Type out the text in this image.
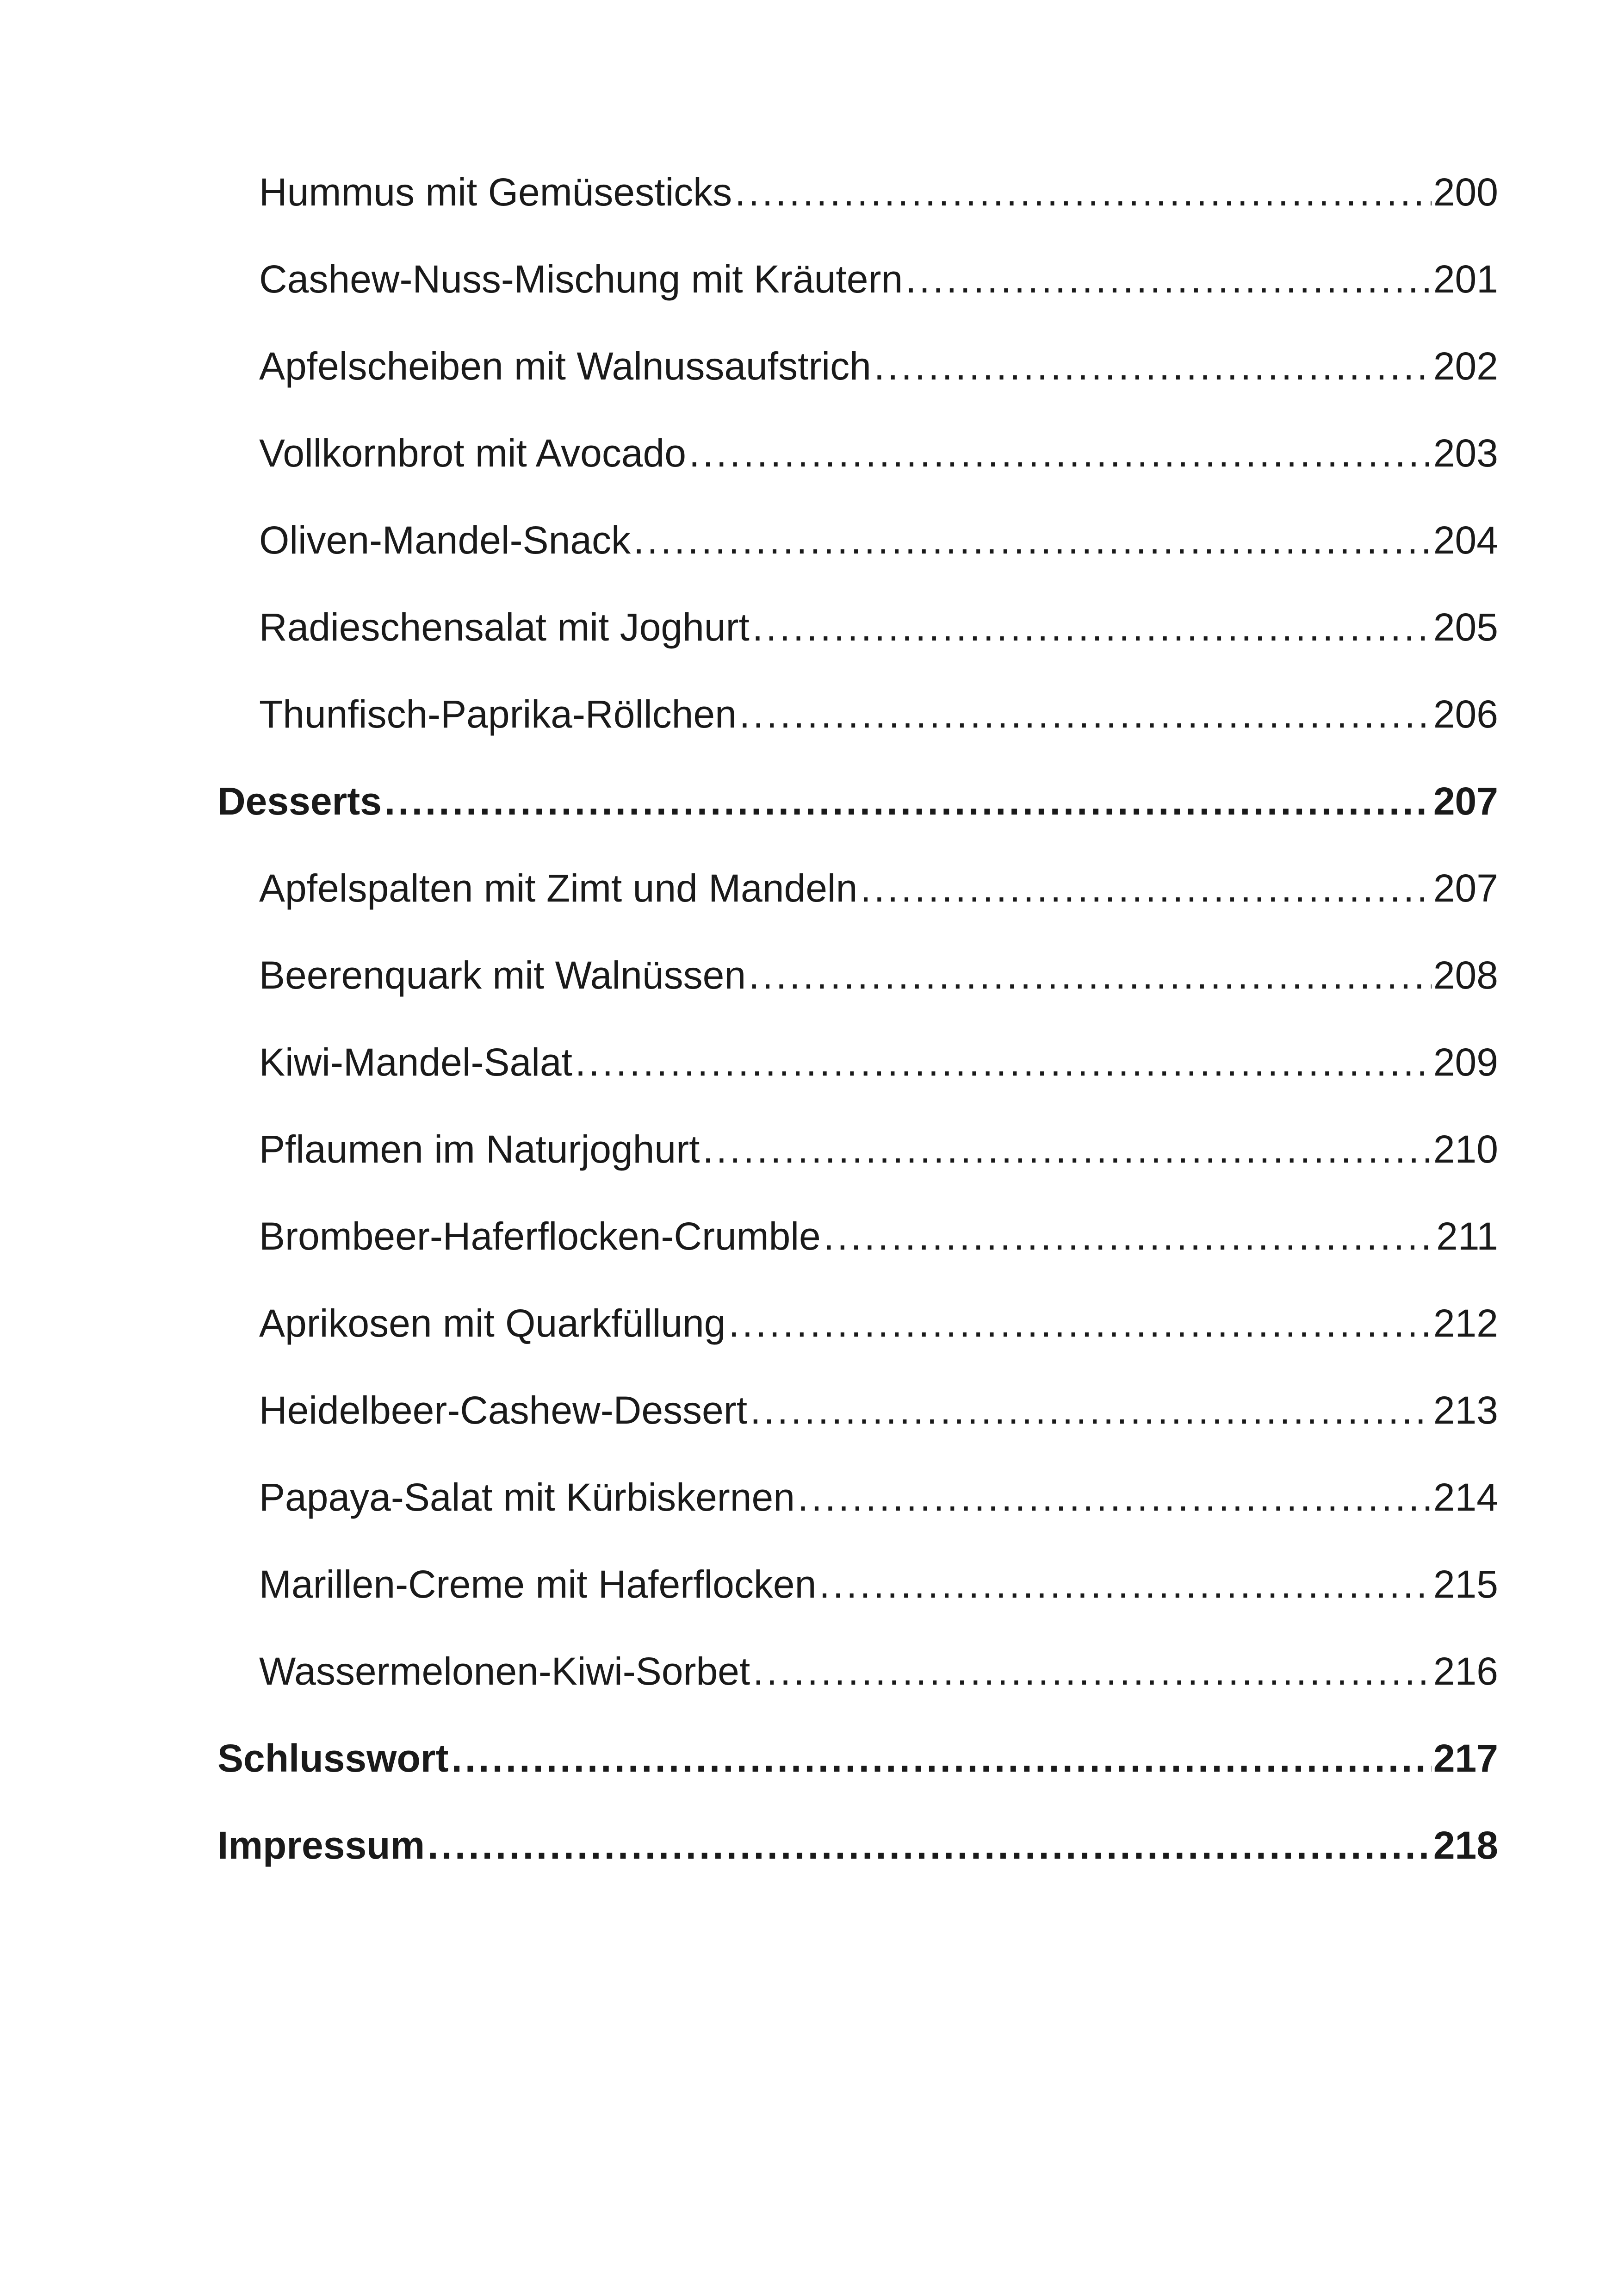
Hummus mit Gemüsesticks .....	200
Cashew-Nuss-Mischung mit Kräutern .....	201
Apfelscheiben mit Walnussaufstrich .....	202
Vollkornbrot mit Avocado .....	203
Oliven-Mandel-Snack .....	204
Radieschensalat mit Joghurt .....	205
Thunfisch-Paprika-Röllchen .....	206
Desserts .....	207
Apfelspalten mit Zimt und Mandeln .....	207
Beerenquark mit Walnüssen .....	208
Kiwi-Mandel-Salat .....	209
Pflaumen im Naturjoghurt .....	210
Brombeer-Haferflocken-Crumble .....	211
Aprikosen mit Quarkfüllung .....	212
Heidelbeer-Cashew-Dessert .....	213
Papaya-Salat mit Kürbiskernen .....	214
Marillen-Creme mit Haferflocken .....	215
Wassermelonen-Kiwi-Sorbet .....	216
Schlusswort .....	217
Impressum .....	218
